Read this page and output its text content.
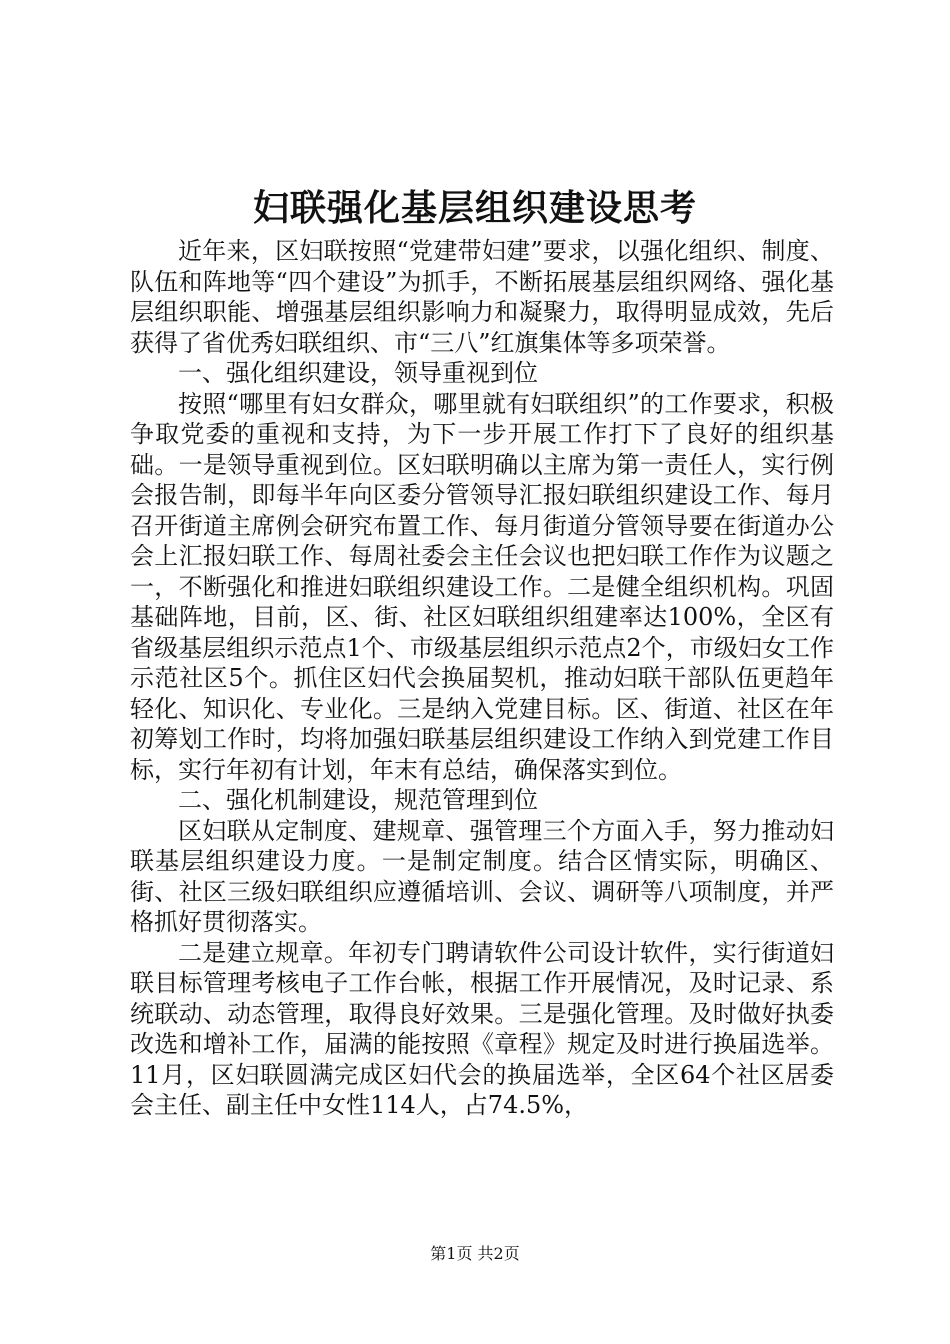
妇联强化基层组织建设思考

近年来，区妇联按照“党建带妇建”要求，以强化组织、制度、队伍和阵地等“四个建设”为抓手，不断拓展基层组织网络、强化基层组织职能、增强基层组织影响力和凝聚力，取得明显成效，先后获得了省优秀妇联组织、市“三八”红旗集体等多项荣誉。

一、强化组织建设，领导重视到位

按照“哪里有妇女群众，哪里就有妇联组织”的工作要求，积极争取党委的重视和支持，为下一步开展工作打下了良好的组织基础。一是领导重视到位。区妇联明确以主席为第一责任人，实行例会报告制，即每半年向区委分管领导汇报妇联组织建设工作、每月召开街道主席例会研究布置工作、每月街道分管领导要在街道办公会上汇报妇联工作、每周社委会主任会议也把妇联工作作为议题之一，不断强化和推进妇联组织建设工作。二是健全组织机构。巩固基础阵地，目前，区、街、社区妇联组织组建率达100%，全区有省级基层组织示范点1个、市级基层组织示范点2个，市级妇女工作示范社区5个。抓住区妇代会换届契机，推动妇联干部队伍更趋年轻化、知识化、专业化。三是纳入党建目标。区、街道、社区在年初筹划工作时，均将加强妇联基层组织建设工作纳入到党建工作目标，实行年初有计划，年末有总结，确保落实到位。

二、强化机制建设，规范管理到位

区妇联从定制度、建规章、强管理三个方面入手，努力推动妇联基层组织建设力度。一是制定制度。结合区情实际，明确区、街、社区三级妇联组织应遵循培训、会议、调研等八项制度，并严格抓好贯彻落实。

二是建立规章。年初专门聘请软件公司设计软件，实行街道妇联目标管理考核电子工作台帐，根据工作开展情况，及时记录、系统联动、动态管理，取得良好效果。三是强化管理。及时做好执委改选和增补工作，届满的能按照《章程》规定及时进行换届选举。11月，区妇联圆满完成区妇代会的换届选举，全区64个社区居委会主任、副主任中女性114人，占74.5%，

第1页 共2页
